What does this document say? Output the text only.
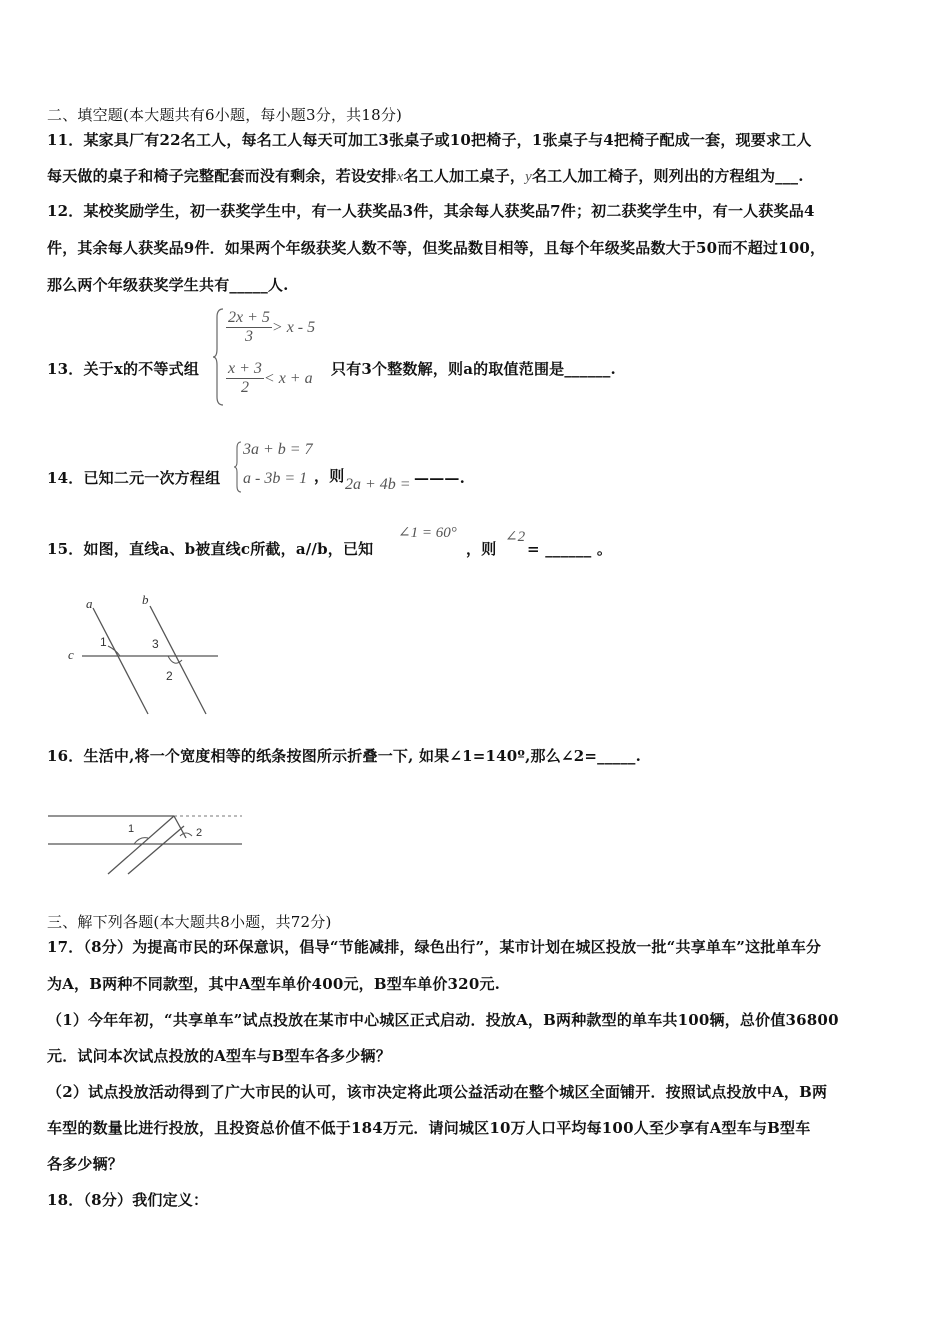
二、填空题(本大题共有6小题，每小题3分，共18分)
11．某家具厂有22名工人，每名工人每天可加工3张桌子或10把椅子，1张桌子与4把椅子配成一套，现要求工人
每天做的桌子和椅子完整配套而没有剩余，若设安排x名工人加工桌子，y名工人加工椅子，则列出的方程组为___.
12．某校奖励学生，初一获奖学生中，有一人获奖品3件，其余每人获奖品7件；初二获奖学生中，有一人获奖品4
件，其余每人获奖品9件．如果两个年级获奖人数不等，但奖品数目相等，且每个年级奖品数大于50而不超过100，
那么两个年级获奖学生共有_____人.
13．关于x的不等式组
$\frac{2x + 5}{3} > x - 5$
$\frac{x + 3}{2} < x + a$
只有3个整数解，则a的取值范围是______.
14．已知二元一次方程组
3a + b = 7
a - 3b = 1 ，则 2a + 4b = ———.
15．如图，直线a、b被直线c所截，a//b，已知
∠1 = 60°
，则
∠2
= ______ 。
a	b
c
1	3
2
16．生活中,将一个宽度相等的纸条按图所示折叠一下, 如果∠1=140º,那么∠2=_____.
1	2
三、解下列各题(本大题共8小题，共72分)
17．（8分）为提高市民的环保意识，倡导“节能减排，绿色出行”，某市计划在城区投放一批“共享单车”这批单车分
为A，B两种不同款型，其中A型车单价400元，B型车单价320元.
（1）今年年初，“共享单车”试点投放在某市中心城区正式启动．投放A，B两种款型的单车共100辆，总价值36800
元．试问本次试点投放的A型车与B型车各多少辆？
（2）试点投放活动得到了广大市民的认可，该市决定将此项公益活动在整个城区全面铺开．按照试点投放中A，B两
车型的数量比进行投放，且投资总价值不低于184万元．请问城区10万人口平均每100人至少享有A型车与B型车
各多少辆？
18．（8分）我们定义：
